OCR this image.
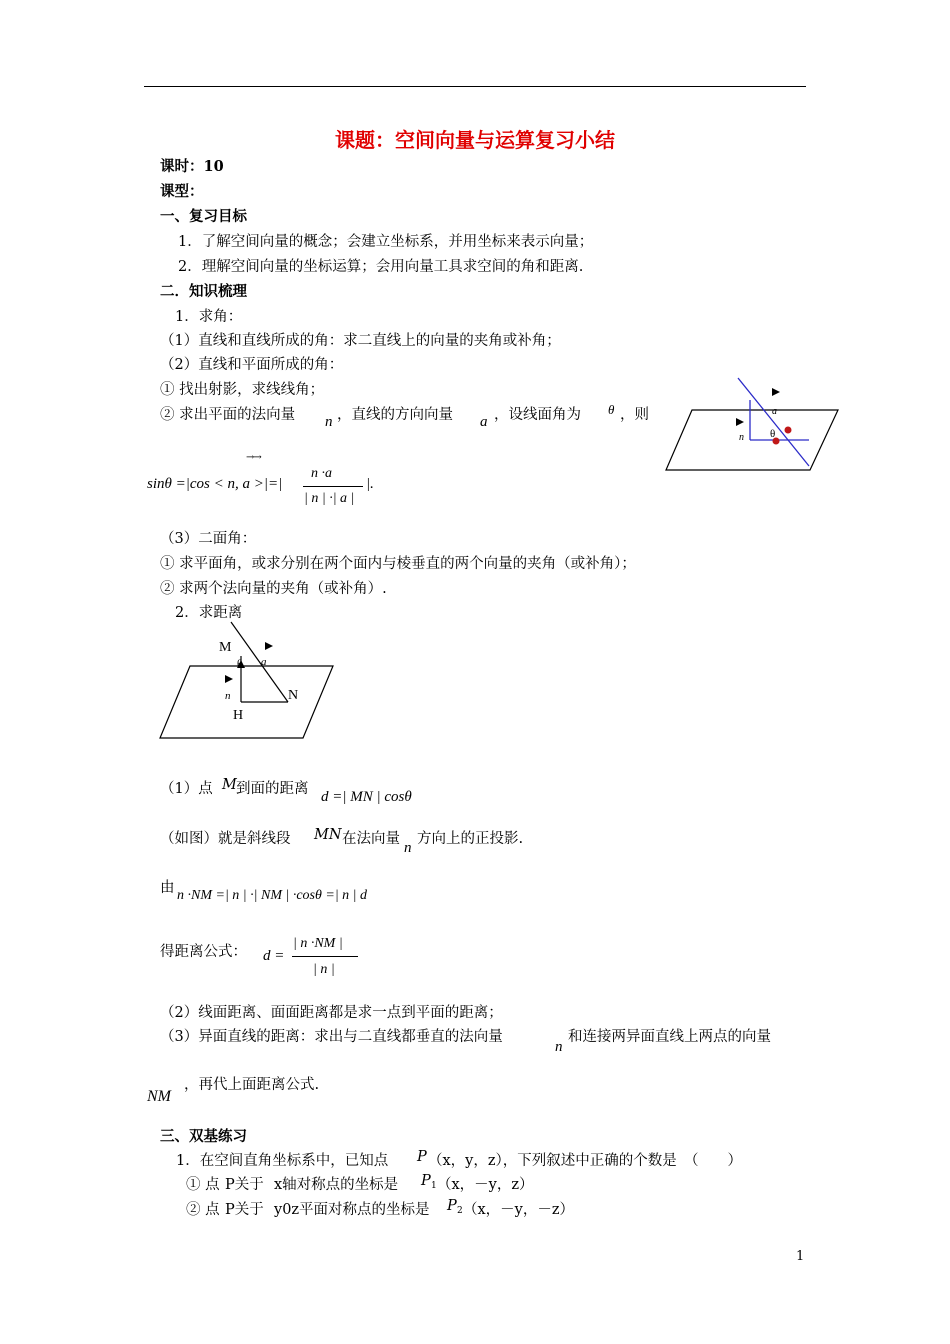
课题：空间向量与运算复习小结
课时：10
课型：
一、复习目标
1．了解空间向量的概念；会建立坐标系，并用坐标来表示向量；
2．理解空间向量的坐标运算；会用向量工具求空间的角和距离.
二．知识梳理
1．求角：
（1）直线和直线所成的角：求二直线上的向量的夹角或补角；
（2）直线和平面所成的角：
① 找出射影，求线线角；
② 求出平面的法向量 n ，直线的方向向量 a ，设线面角为 θ ，则
→→
sinθ =|cos < n, a >|=|
n ·a
| n | ·| a |
|.
a
n θ
（3）二面角：
① 求平面角，或求分别在两个面内与棱垂直的两个向量的夹角（或补角）；
② 求两个法向量的夹角（或补角）.
2．求距离
M
θ a
n	N
H
（1）点 M 到面的距离 d =| MN | cosθ
（如图）就是斜线段 MN 在法向量
n
方向上的正投影.
由 n ·NM =| n | ·| NM | ·cosθ =| n | d
得距离公式： d =
| n ·NM |
| n |
（2）线面距离、面面距离都是求一点到平面的距离；
（3）异面直线的距离：求出与二直线都垂直的法向量
n
和连接两异面直线上两点的向量
NM
，再代上面距离公式.
三、双基练习
1．在空间直角坐标系中，已知点 P （x，y，z），下列叙述中正确的个数是　（　　）
① 点 P关于 x轴对称点的坐标是 P 1 （x，－y，z）
② 点 P关于 y0z平面对称点的坐标是 P 2 （x，－y，－z）
1
